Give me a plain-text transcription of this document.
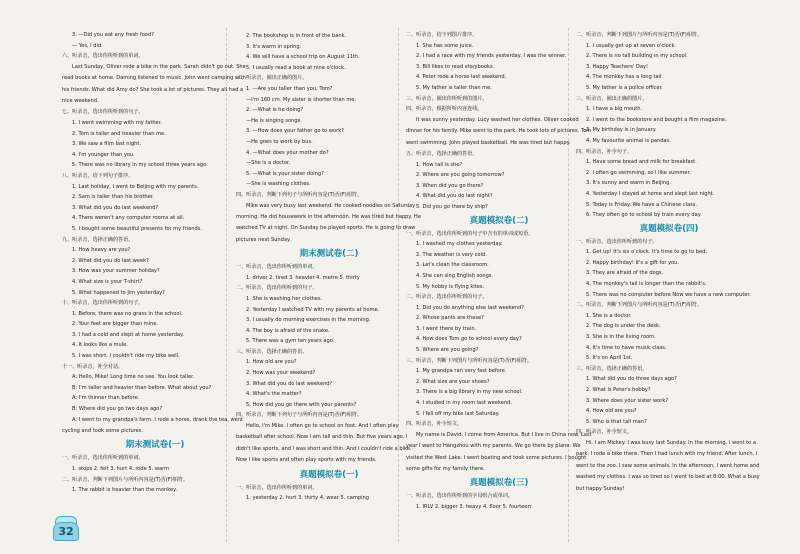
3. —Did you eat any fresh food?
— Yes, I did.
六、听录音，选出你所听到的单词。
Last Sunday, Oliver rode a bike in the park. Sarah didn't go out. She read books at home. Daming listened to music. John went camping with his friends. What did Amy do? She took a lot of pictures. They all had a nice weekend.
七、听录音，选出你所听到的句子。
1. I went swimming with my father.
2. Tom is taller and heavier than me.
3. We saw a film last night.
4. I'm younger than you.
5. There was no library in my school three years ago.
八、听录音，给下列句子排序。
1. Last holiday, I went to Beijing with my parents.
2. Sam is taller than his brother.
3. What did you do last weekend?
4. There weren't any computer rooms at all.
5. I bought some beautiful presents for my friends.
九、听录音，选择正确的答语。
1. How heavy are you?
2. What did you do last week?
3. How was your summer holiday?
4. What size is your T-shirt?
5. What happened to Jim yesterday?
十、听录音，选出你所听到的句子。
1. Before, there was no grass in the school.
2. Your feet are bigger than mine.
3. I had a cold and slept at home yesterday.
4. It looks like a mule.
5. I was short. I couldn't ride my bike well.
十一、听录音，补全对话。
A: Hello, Mike! Long time no see. You look taller.
B: I'm taller and heavier than before. What about you?
A: I'm thinner than before.
B: Where did you go two days ago?
A: I went to my grandpa's farm. I rode a horse, drank the tea, went cycling and took some pictures.
期末测试卷(一)
一、听录音，选出你所听到的单词。
1. stops 2. felt 3. hurt 4. rode 5. warm
二、听录音，判断下列图片与所听内容是(T)否(F)相符。
1. The rabbit is heavier than the monkey.
2. The bookshop is in front of the bank.
3. It's warm in spring.
4. We will have a school trip on August 11th.
5. I usually read a book at nine o'clock.
三、听录音，圈出正确的图片。
1. —Are you taller than you, Tom?
—I'm 160 cm. My sister is shorter than me.
2. —What is he doing?
—He is singing songs.
3. —How does your father go to work?
—He goes to work by bus.
4. —What does your mother do?
—She is a doctor.
5. —What is your sister doing?
—She is washing clothes.
四、听录音，判断下列句子与所听内容是(T)否(F)相符。
Mike was very busy last weekend. He cooked noodles on Saturday morning. He did housework in the afternoon. He was tired but happy. He watched TV at night. On Sunday he played sports. He is going to draw pictures next Sunday.
期末测试卷(二)
一、听录音，选出你所听到的单词。
1. driver 2. tired 3. heavier 4. metre 5. thirty
二、听录音，选出你所听到的句子。
1. She is washing her clothes.
2. Yesterday I watched TV with my parents at home.
3. I usually do morning exercises in the morning.
4. The boy is afraid of the snake.
5. There was a gym ten years ago.
三、听录音，选择正确的答语。
1. How old are you?
2. How was your weekend?
3. What did you do last weekend?
4. What's the matter?
5. How did you go there with your parents?
四、听录音，判断下列句子与所听内容是(T)否(F)相符。
Hello, I'm Mike. I often go to school on foot. And I often play basketball after school. Now I am tall and thin. But five years ago, I didn't like sports, and I was short and thin. And I couldn't ride a bike. Now I like sports and often play sports with my friends.
真题模拟卷(一)
一、听录音，选出你所听到的单词。
1. yesterday 2. hurt 3. thirty 4. wear 5. camping
二、听录音，给下列图片排序。
1. She has some juice.
2. I had a race with my friends yesterday. I was the winner.
3. Bill likes to read storybooks.
4. Peter rode a horse last weekend.
5. My father is taller than me.
三、听录音，圈出你所听到的图片。
四、听录音，根据所听内容连线。
It was sunny yesterday. Lucy washed her clothes. Oliver cooked dinner for his family. Mike went to the park. He took lots of pictures. Tom went swimming. John played basketball. He was tired but happy.
五、听录音，选择正确的答语。
1. How tall is she?
2. Where are you going tomorrow?
3. When did you go there?
4. What did you do last night?
5. Did you go there by ship?
真题模拟卷(二)
一、听录音，选出你所听到的句子中含有的单词或短语。
1. I washed my clothes yesterday.
2. The weather is very cold.
3. Let's clean the classroom.
4. She can sing English songs.
5. My hobby is flying kites.
二、听录音，选出你所听到的句子。
1. Did you do anything else last weekend?
2. Whose pants are these?
3. I went there by train.
4. How does Tom go to school every day?
5. Where are you going?
三、听录音，判断下列图片与所听内容是(T)否(F)相符。
1. My grandpa ran very fast before.
2. What size are your shoes?
3. There is a big library in my new school.
4. I studied in my room last weekend.
5. I fell off my bike last Saturday.
四、听录音，补全短文。
My name is David. I come from America. But I live in China now. Last year I went to Hangzhou with my parents. We go there by plane. We visited the West Lake. I went boating and took some pictures. I bought some gifts for my family there.
真题模拟卷(三)
一、听录音，选出你所听到的字母组合或单词。
1. IRLV 2. bigger 3. heavy 4. floor 5. fourteen
二、听录音，判断下列图片与所听内容是(T)否(F)相符。
1. I usually get up at seven o'clock.
2. There is no tall building in my school.
3. Happy Teachers' Day!
4. The monkey has a long tail.
5. My father is a police officer.
三、听录音，圈出正确的图片。
1. I have a big mouth.
2. I went to the bookstore and bought a film magazine.
3. My birthday is in January.
4. My favourite animal is pandas.
四、听录音，补全句子。
1. Have some bread and milk for breakfast.
2. I often go swimming, so I like summer.
3. It's sunny and warm in Beijing.
4. Yesterday I stayed at home and slept last night.
5. Today is Friday. We have a Chinese class.
6. They often go to school by train every day.
真题模拟卷(四)
一、听录音，选出你所听到的句子。
1. Get up! It's six o'clock. It's time to go to bed.
2. Happy birthday! It's a gift for you.
3. They are afraid of the dogs.
4. The monkey's tail is longer than the rabbit's.
5. There was no computer before Now we have a new computer.
二、听录音，判断下列图片与所听内容是(T)否(F)相符。
1. She is a doctor.
2. The dog is under the desk.
3. She is in the living room.
4. It's time to have music class.
5. It's on April 1st.
三、听录音，选择正确的答语。
1. What did you do three days ago?
2. What is Peter's hobby?
3. Where does your sister work?
4. How old are you?
5. Who is that tall man?
四、听录音，补全短文。
Hi, I am Mickey. I was busy last Sunday. In the morning, I went to a park. I rode a bike there. Then I had lunch with my friend. After lunch, I went to the zoo. I saw some animals. In the afternoon, I went home and washed my clothes. I was so tired so I went to bed at 8:00. What a busy but happy Sunday!
32
